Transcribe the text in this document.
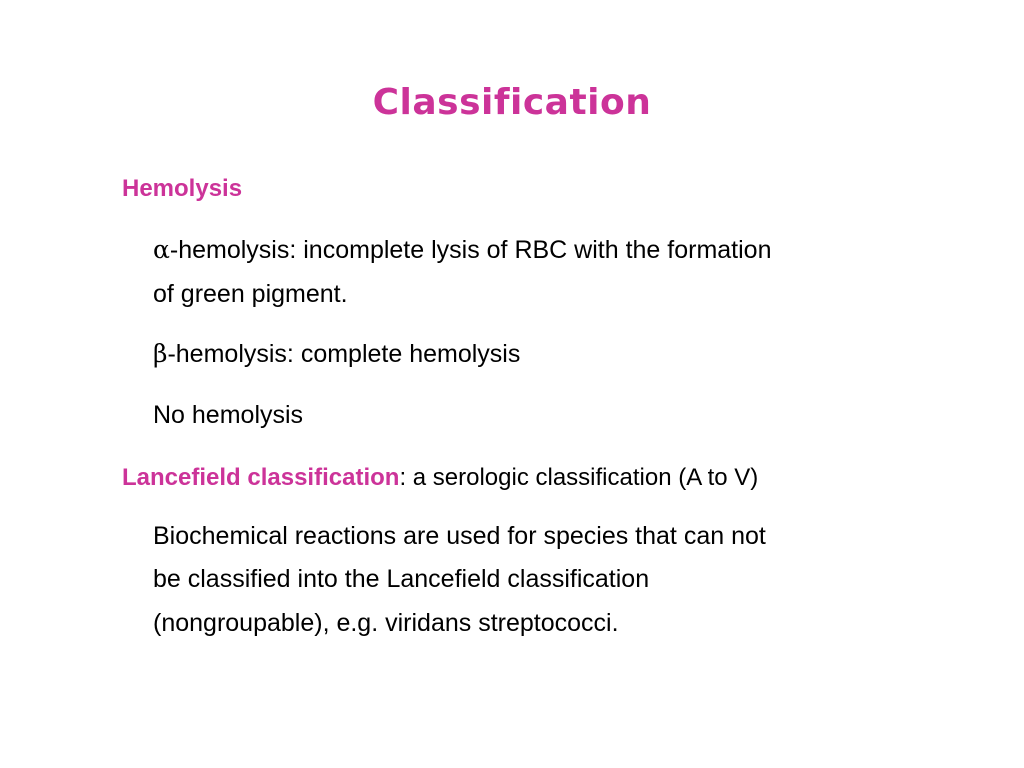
Classification
Hemolysis
α-hemolysis: incomplete lysis of RBC with the formation
of green pigment.
β-hemolysis: complete hemolysis
No hemolysis
Lancefield classification: a serologic classification (A to V)
Biochemical reactions are used for species that can not
be classified into the Lancefield classification
(nongroupable), e.g. viridans streptococci.
